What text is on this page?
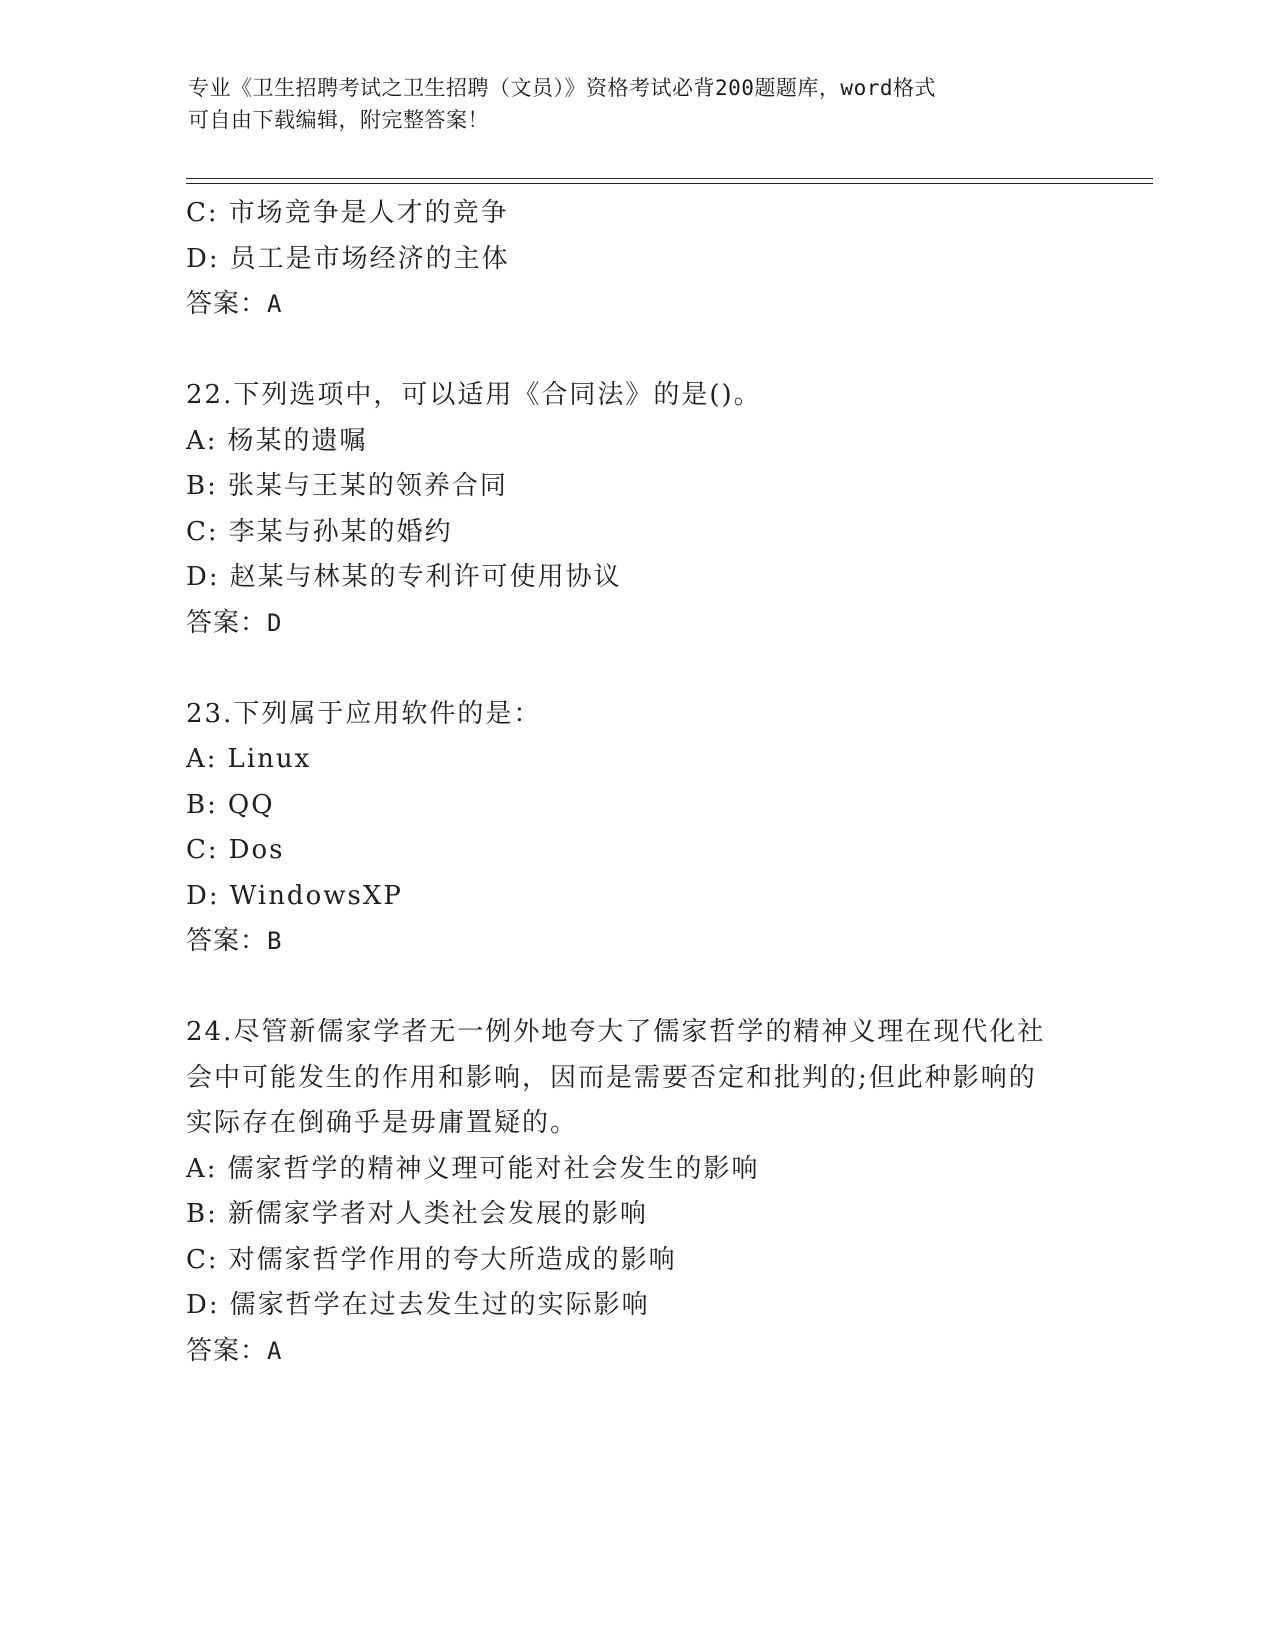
专业《卫生招聘考试之卫生招聘（文员）》资格考试必背200题题库，word格式
可自由下载编辑，附完整答案！
C: 市场竞争是人才的竞争
D: 员工是市场经济的主体
答案：A
22.下列选项中，可以适用《合同法》的是()。
A: 杨某的遗嘱
B: 张某与王某的领养合同
C: 李某与孙某的婚约
D: 赵某与林某的专利许可使用协议
答案：D
23.下列属于应用软件的是：
A: Linux
B: QQ
C: Dos
D: WindowsXP
答案：B
24.尽管新儒家学者无一例外地夸大了儒家哲学的精神义理在现代化社
会中可能发生的作用和影响，因而是需要否定和批判的;但此种影响的
实际存在倒确乎是毋庸置疑的。
A: 儒家哲学的精神义理可能对社会发生的影响
B: 新儒家学者对人类社会发展的影响
C: 对儒家哲学作用的夸大所造成的影响
D: 儒家哲学在过去发生过的实际影响
答案：A
